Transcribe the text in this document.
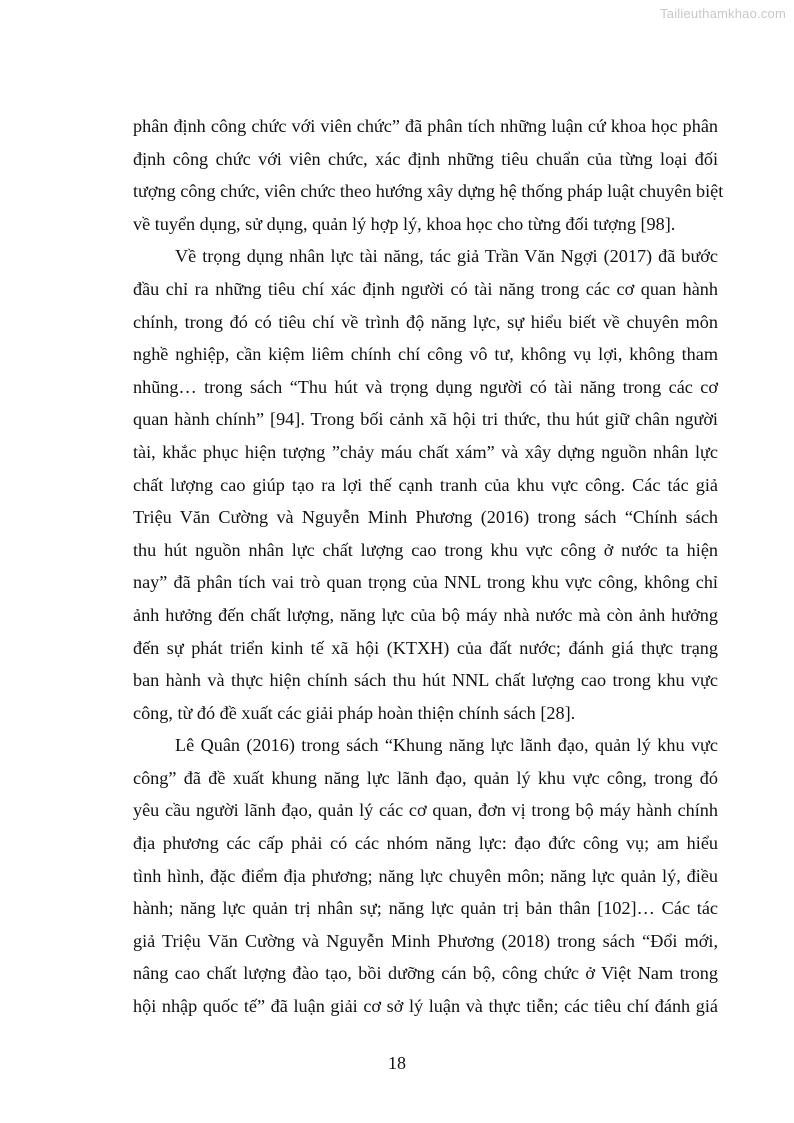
Tailieuthamkhao.com
phân định công chức với viên chức” đã phân tích những luận cứ khoa học phân
định công chức với viên chức, xác định những tiêu chuẩn của từng loại đối
tượng công chức, viên chức theo hướng xây dựng hệ thống pháp luật chuyên biệt
về tuyển dụng, sử dụng, quản lý hợp lý, khoa học cho từng đối tượng [98].
Về trọng dụng nhân lực tài năng, tác giả Trần Văn Ngợi (2017) đã bước
đầu chỉ ra những tiêu chí xác định người có tài năng trong các cơ quan hành
chính, trong đó có tiêu chí về trình độ năng lực, sự hiểu biết về chuyên môn
nghề nghiệp, cần kiệm liêm chính chí công vô tư, không vụ lợi, không tham
nhũng… trong sách “Thu hút và trọng dụng người có tài năng trong các cơ
quan hành chính” [94]. Trong bối cảnh xã hội tri thức, thu hút giữ chân người
tài, khắc phục hiện tượng ”chảy máu chất xám” và xây dựng nguồn nhân lực
chất lượng cao giúp tạo ra lợi thế cạnh tranh của khu vực công. Các tác giả
Triệu Văn Cường và Nguyễn Minh Phương (2016) trong sách “Chính sách
thu hút nguồn nhân lực chất lượng cao trong khu vực công ở nước ta hiện
nay” đã phân tích vai trò quan trọng của NNL trong khu vực công, không chỉ
ảnh hưởng đến chất lượng, năng lực của bộ máy nhà nước mà còn ảnh hưởng
đến sự phát triển kinh tế xã hội (KTXH) của đất nước; đánh giá thực trạng
ban hành và thực hiện chính sách thu hút NNL chất lượng cao trong khu vực
công, từ đó đề xuất các giải pháp hoàn thiện chính sách [28].
Lê Quân (2016) trong sách “Khung năng lực lãnh đạo, quản lý khu vực
công” đã đề xuất khung năng lực lãnh đạo, quản lý khu vực công, trong đó
yêu cầu người lãnh đạo, quản lý các cơ quan, đơn vị trong bộ máy hành chính
địa phương các cấp phải có các nhóm năng lực: đạo đức công vụ; am hiểu
tình hình, đặc điểm địa phương; năng lực chuyên môn; năng lực quản lý, điều
hành; năng lực quản trị nhân sự; năng lực quản trị bản thân [102]… Các tác
giả Triệu Văn Cường và Nguyễn Minh Phương (2018) trong sách “Đổi mới,
nâng cao chất lượng đào tạo, bồi dưỡng cán bộ, công chức ở Việt Nam trong
hội nhập quốc tế” đã luận giải cơ sở lý luận và thực tiễn; các tiêu chí đánh giá
18
